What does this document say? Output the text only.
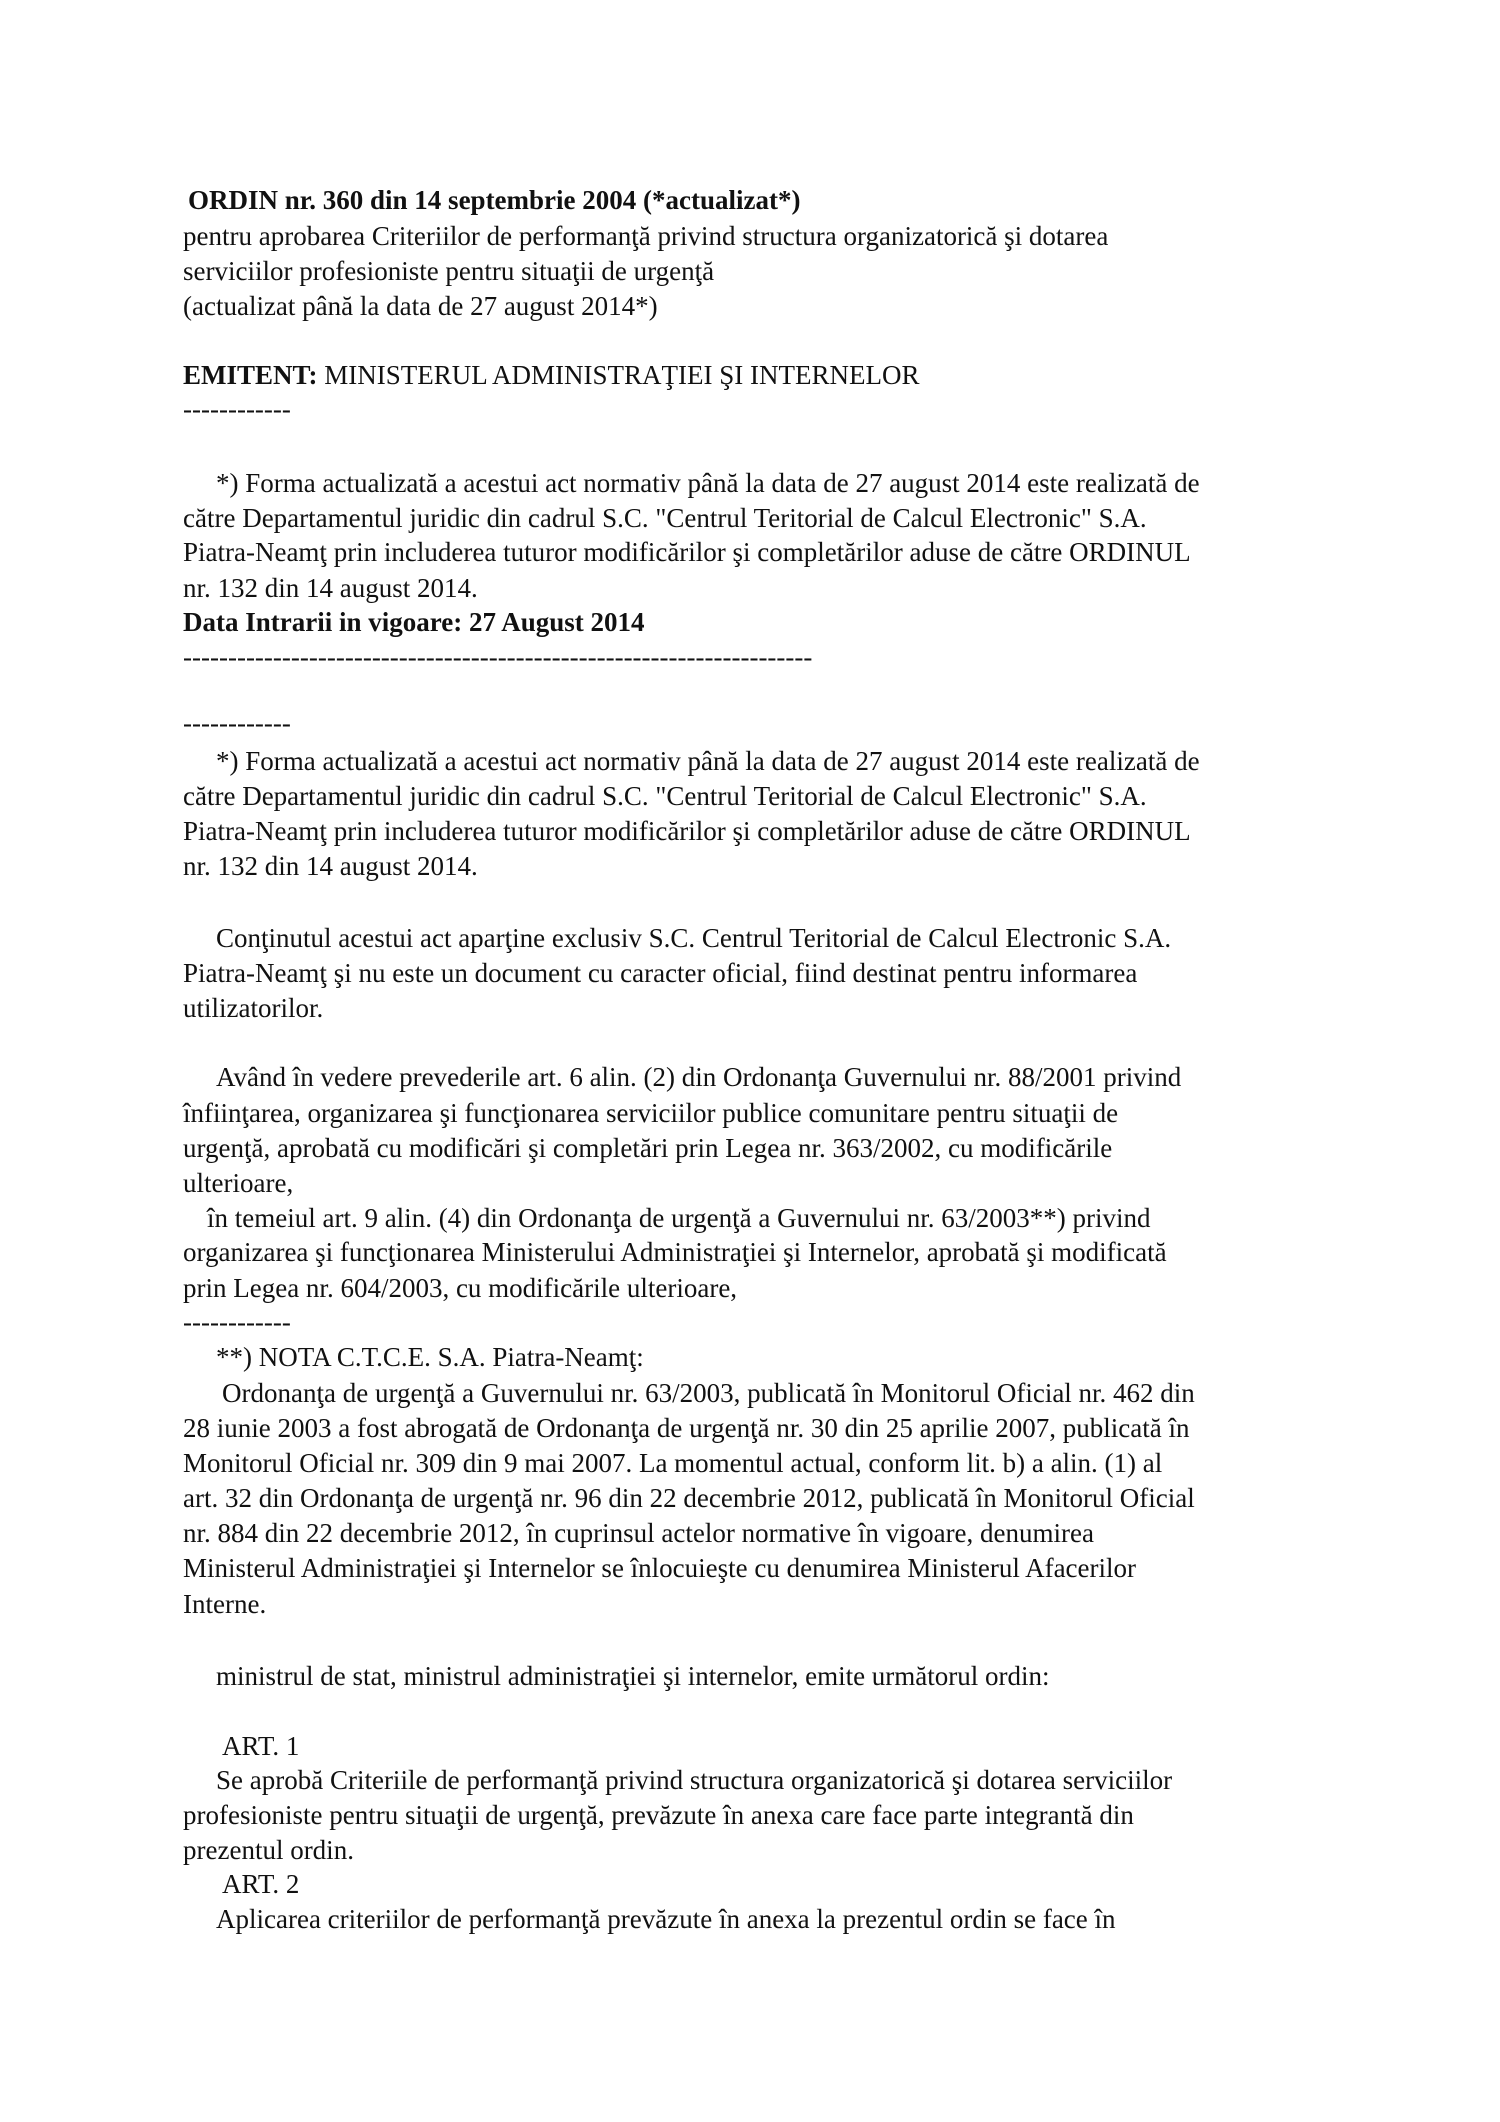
ORDIN nr. 360 din 14 septembrie 2004 (*actualizat*)
pentru aprobarea Criteriilor de performanţă privind structura organizatorică şi dotarea
serviciilor profesioniste pentru situaţii de urgenţă
(actualizat până la data de 27 august 2014*)
EMITENT: MINISTERUL ADMINISTRAŢIEI ŞI INTERNELOR
------------
*) Forma actualizată a acestui act normativ până la data de 27 august 2014 este realizată de
către Departamentul juridic din cadrul S.C. "Centrul Teritorial de Calcul Electronic" S.A.
Piatra-Neamţ prin includerea tuturor modificărilor şi completărilor aduse de către ORDINUL
nr. 132 din 14 august 2014.
Data Intrarii in vigoare: 27 August 2014
----------------------------------------------------------------------
------------
*) Forma actualizată a acestui act normativ până la data de 27 august 2014 este realizată de
către Departamentul juridic din cadrul S.C. "Centrul Teritorial de Calcul Electronic" S.A.
Piatra-Neamţ prin includerea tuturor modificărilor şi completărilor aduse de către ORDINUL
nr. 132 din 14 august 2014.
Conţinutul acestui act aparţine exclusiv S.C. Centrul Teritorial de Calcul Electronic S.A.
Piatra-Neamţ şi nu este un document cu caracter oficial, fiind destinat pentru informarea
utilizatorilor.
Având în vedere prevederile art. 6 alin. (2) din Ordonanţa Guvernului nr. 88/2001 privind
înfiinţarea, organizarea şi funcţionarea serviciilor publice comunitare pentru situaţii de
urgenţă, aprobată cu modificări şi completări prin Legea nr. 363/2002, cu modificările
ulterioare,
în temeiul art. 9 alin. (4) din Ordonanţa de urgenţă a Guvernului nr. 63/2003**) privind
organizarea şi funcţionarea Ministerului Administraţiei şi Internelor, aprobată şi modificată
prin Legea nr. 604/2003, cu modificările ulterioare,
------------
**) NOTA C.T.C.E. S.A. Piatra-Neamţ:
Ordonanţa de urgenţă a Guvernului nr. 63/2003, publicată în Monitorul Oficial nr. 462 din
28 iunie 2003 a fost abrogată de Ordonanţa de urgenţă nr. 30 din 25 aprilie 2007, publicată în
Monitorul Oficial nr. 309 din 9 mai 2007. La momentul actual, conform lit. b) a alin. (1) al
art. 32 din Ordonanţa de urgenţă nr. 96 din 22 decembrie 2012, publicată în Monitorul Oficial
nr. 884 din 22 decembrie 2012, în cuprinsul actelor normative în vigoare, denumirea
Ministerul Administraţiei şi Internelor se înlocuieşte cu denumirea Ministerul Afacerilor
Interne.
ministrul de stat, ministrul administraţiei şi internelor, emite următorul ordin:
ART. 1
Se aprobă Criteriile de performanţă privind structura organizatorică şi dotarea serviciilor
profesioniste pentru situaţii de urgenţă, prevăzute în anexa care face parte integrantă din
prezentul ordin.
ART. 2
Aplicarea criteriilor de performanţă prevăzute în anexa la prezentul ordin se face în
